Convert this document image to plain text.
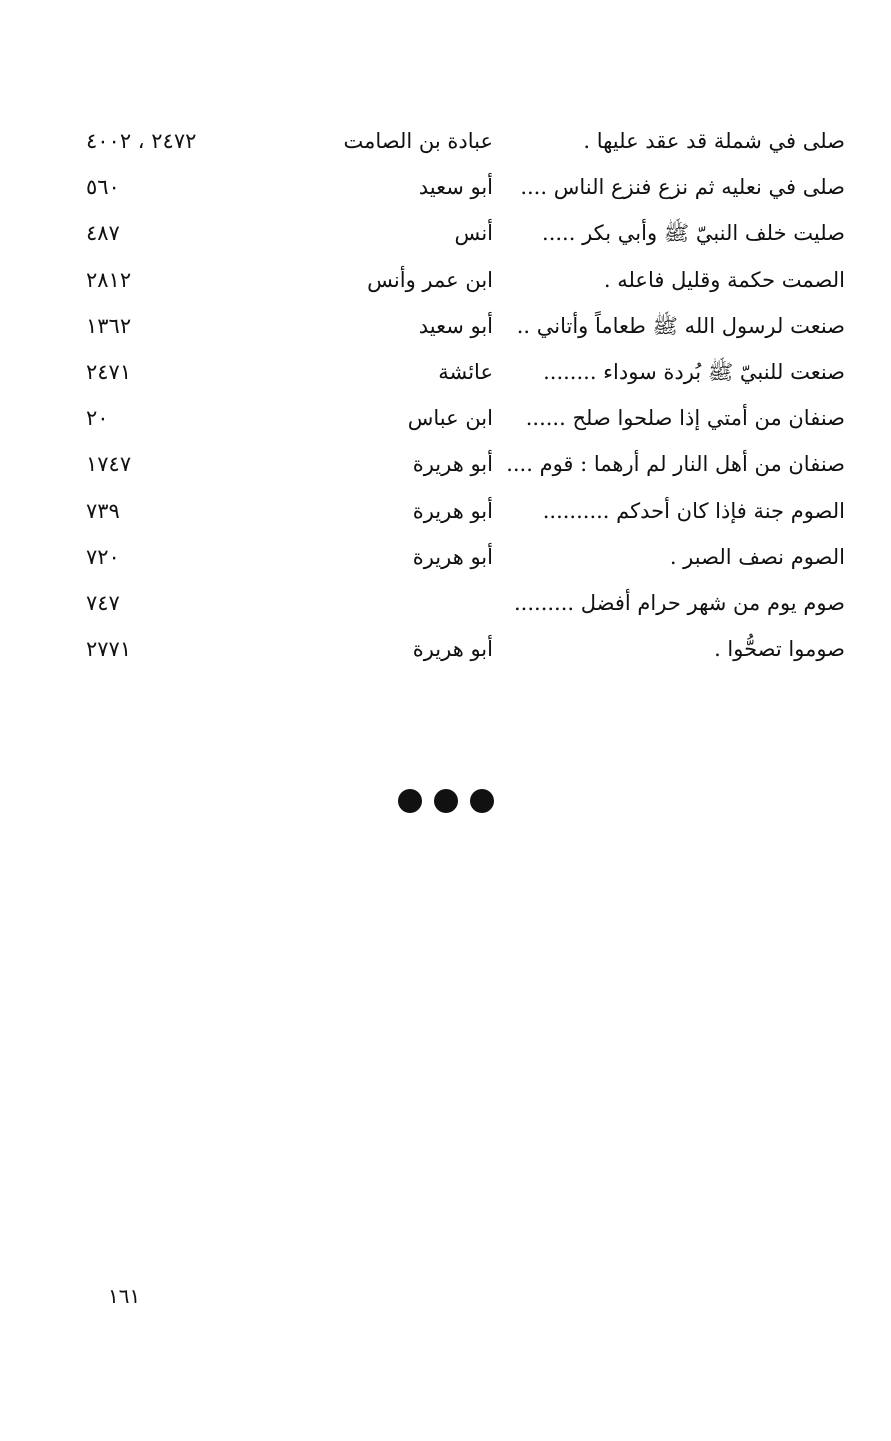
صلى في شملة قد عقد عليها .
عبادة بن الصامت
٢٤٧٢ ، ٤٠٠٢
صلى في نعليه ثم نزع فنزع الناس ....
أبو سعيد
٥٦٠
صليت خلف النبيّ ﷺ وأبي بكر .....
أنس
٤٨٧
الصمت حكمة وقليل فاعله .
ابن عمر وأنس
٢٨١٢
صنعت لرسول الله ﷺ طعاماً وأتاني ..
أبو سعيد
١٣٦٢
صنعت للنبيّ ﷺ بُردة سوداء ........
عائشة
٢٤٧١
صنفان من أمتي إذا صلحوا صلح ......
ابن عباس
٢٠
صنفان من أهل النار لم أرهما : قوم ....
أبو هريرة
١٧٤٧
الصوم جنة فإذا كان أحدكم ..........
أبو هريرة
٧٣٩
الصوم نصف الصبر .
أبو هريرة
٧٢٠
صوم يوم من شهر حرام أفضل .........
٧٤٧
صوموا تصحُّوا .
أبو هريرة
٢٧٧١
١٦١
